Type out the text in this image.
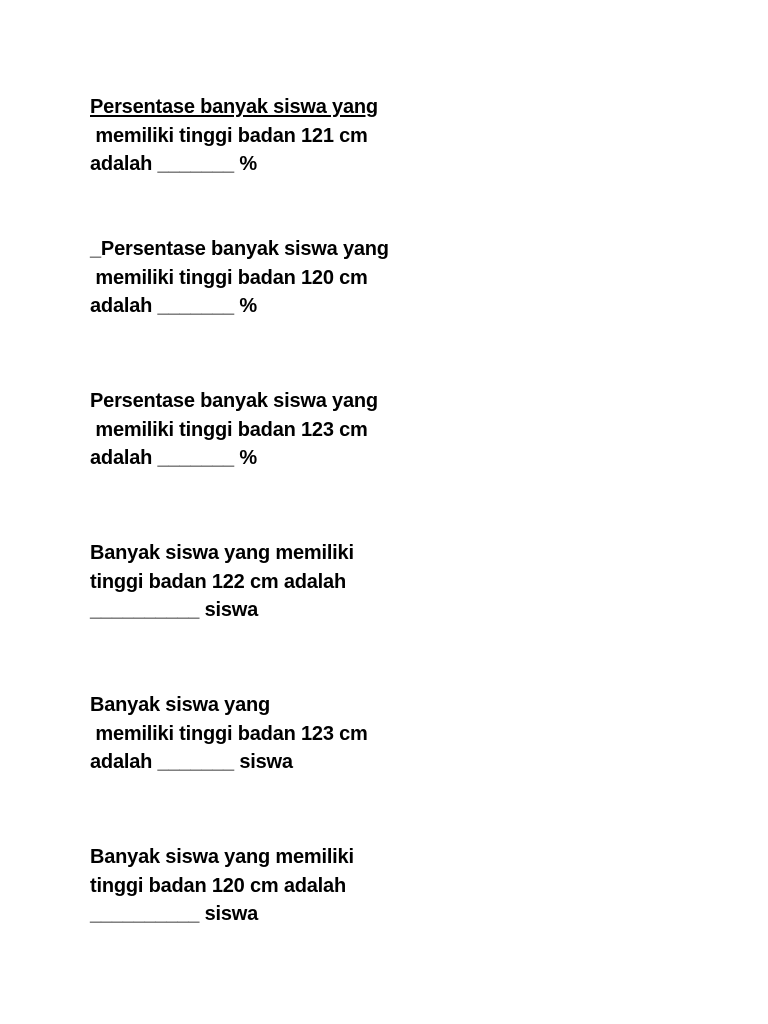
Persentase banyak siswa yang
memiliki tinggi badan 121 cm
adalah _______ %
_Persentase banyak siswa yang
memiliki tinggi badan 120 cm
adalah _______ %
Persentase banyak siswa yang
memiliki tinggi badan 123 cm
adalah _______ %
Banyak siswa yang memiliki
tinggi badan 122 cm adalah
__________ siswa
Banyak siswa yang
memiliki tinggi badan 123 cm
adalah _______ siswa
Banyak siswa yang memiliki
tinggi badan 120 cm adalah
__________ siswa
